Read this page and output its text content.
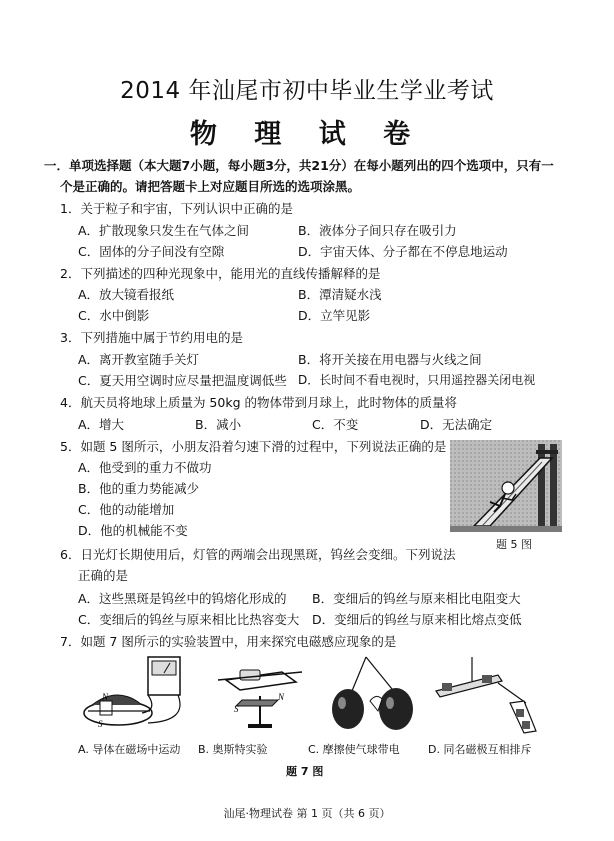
2014 年汕尾市初中毕业生学业考试
物 理 试 卷
一．单项选择题（本大题7小题，每小题3分，共21分）在每小题列出的四个选项中，只有一
个是正确的。请把答题卡上对应题目所选的选项涂黑。
1．关于粒子和宇宙，下列认识中正确的是
A．扩散现象只发生在气体之间	B．液体分子间只存在吸引力
C．固体的分子间没有空隙	D．宇宙天体、分子都在不停息地运动
2．下列描述的四种光现象中，能用光的直线传播解释的是
A．放大镜看报纸	B．潭清疑水浅
C．水中倒影	D．立竿见影
3．下列措施中属于节约用电的是
A．离开教室随手关灯	B．将开关接在用电器与火线之间
C．夏天用空调时应尽量把温度调低些 D．长时间不看电视时，只用遥控器关闭电视
4．航天员将地球上质量为 50kg 的物体带到月球上，此时物体的质量将
A．增大	B．减小	C．不变	D．无法确定
5．如题 5 图所示，小朋友沿着匀速下滑的过程中，下列说法正确的是
A．他受到的重力不做功
B．他的重力势能减少
C．他的动能增加
D．他的机械能不变
题 5 图
6．日光灯长期使用后，灯管的两端会出现黑斑，钨丝会变细。下列说法
正确的是
A．这些黑斑是钨丝中的钨熔化形成的 B．变细后的钨丝与原来相比电阻变大
C．变细后的钨丝与原来相比比热容变大 D．变细后的钨丝与原来相比熔点变低
7．如题 7 图所示的实验装置中，用来探究电磁感应现象的是
N
S
S
N
A. 导体在磁场中运动 B. 奥斯特实验	C. 摩擦使气球带电	D. 同名磁极互相排斥
题 7 图
汕尾·物理试卷 第 1 页（共 6 页）
